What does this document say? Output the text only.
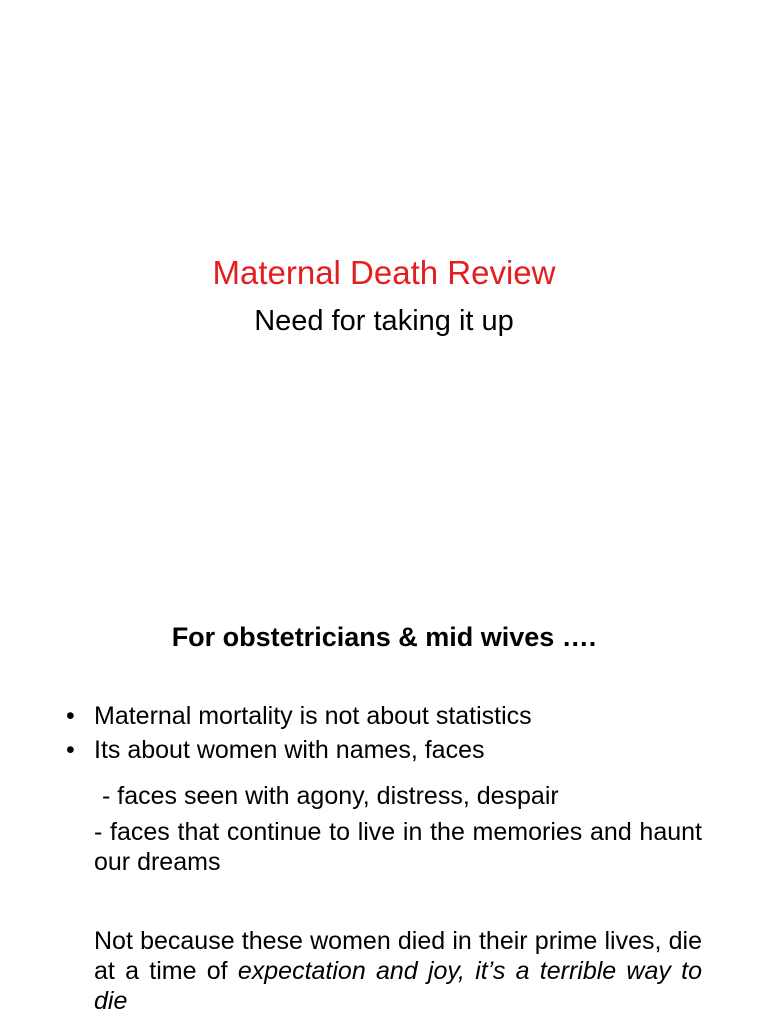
Maternal Death Review
Need for taking it up
For obstetricians & mid wives ….
• Maternal mortality is not about statistics
• Its about women with names, faces
- faces seen with agony, distress, despair
- faces that continue to live in the memories and haunt our dreams
Not because these women died in their prime lives, die at a time of expectation and joy, it’s a terrible way to die
